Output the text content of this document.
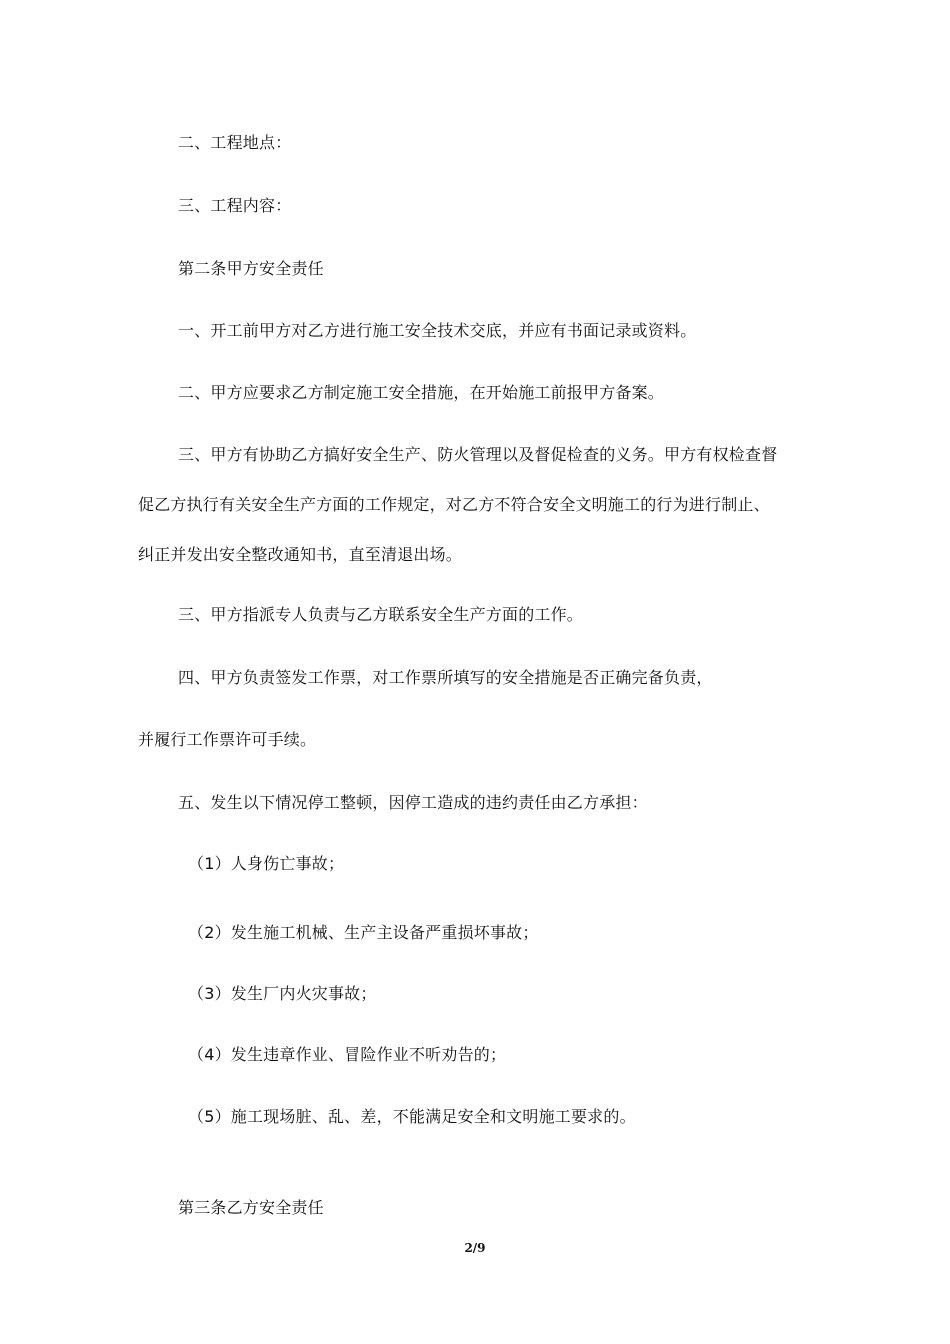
二、工程地点：
三、工程内容：
第二条甲方安全责任
一、开工前甲方对乙方进行施工安全技术交底，并应有书面记录或资料。
二、甲方应要求乙方制定施工安全措施，在开始施工前报甲方备案。
三、甲方有协助乙方搞好安全生产、防火管理以及督促检查的义务。甲方有权检查督
促乙方执行有关安全生产方面的工作规定，对乙方不符合安全文明施工的行为进行制止、
纠正并发出安全整改通知书，直至清退出场。
三、甲方指派专人负责与乙方联系安全生产方面的工作。
四、甲方负责签发工作票，对工作票所填写的安全措施是否正确完备负责，
并履行工作票许可手续。
五、发生以下情况停工整顿，因停工造成的违约责任由乙方承担：
（1）人身伤亡事故；
（2）发生施工机械、生产主设备严重损坏事故；
（3）发生厂内火灾事故；
（4）发生违章作业、冒险作业不听劝告的；
（5）施工现场脏、乱、差，不能满足安全和文明施工要求的。
第三条乙方安全责任
2/9
